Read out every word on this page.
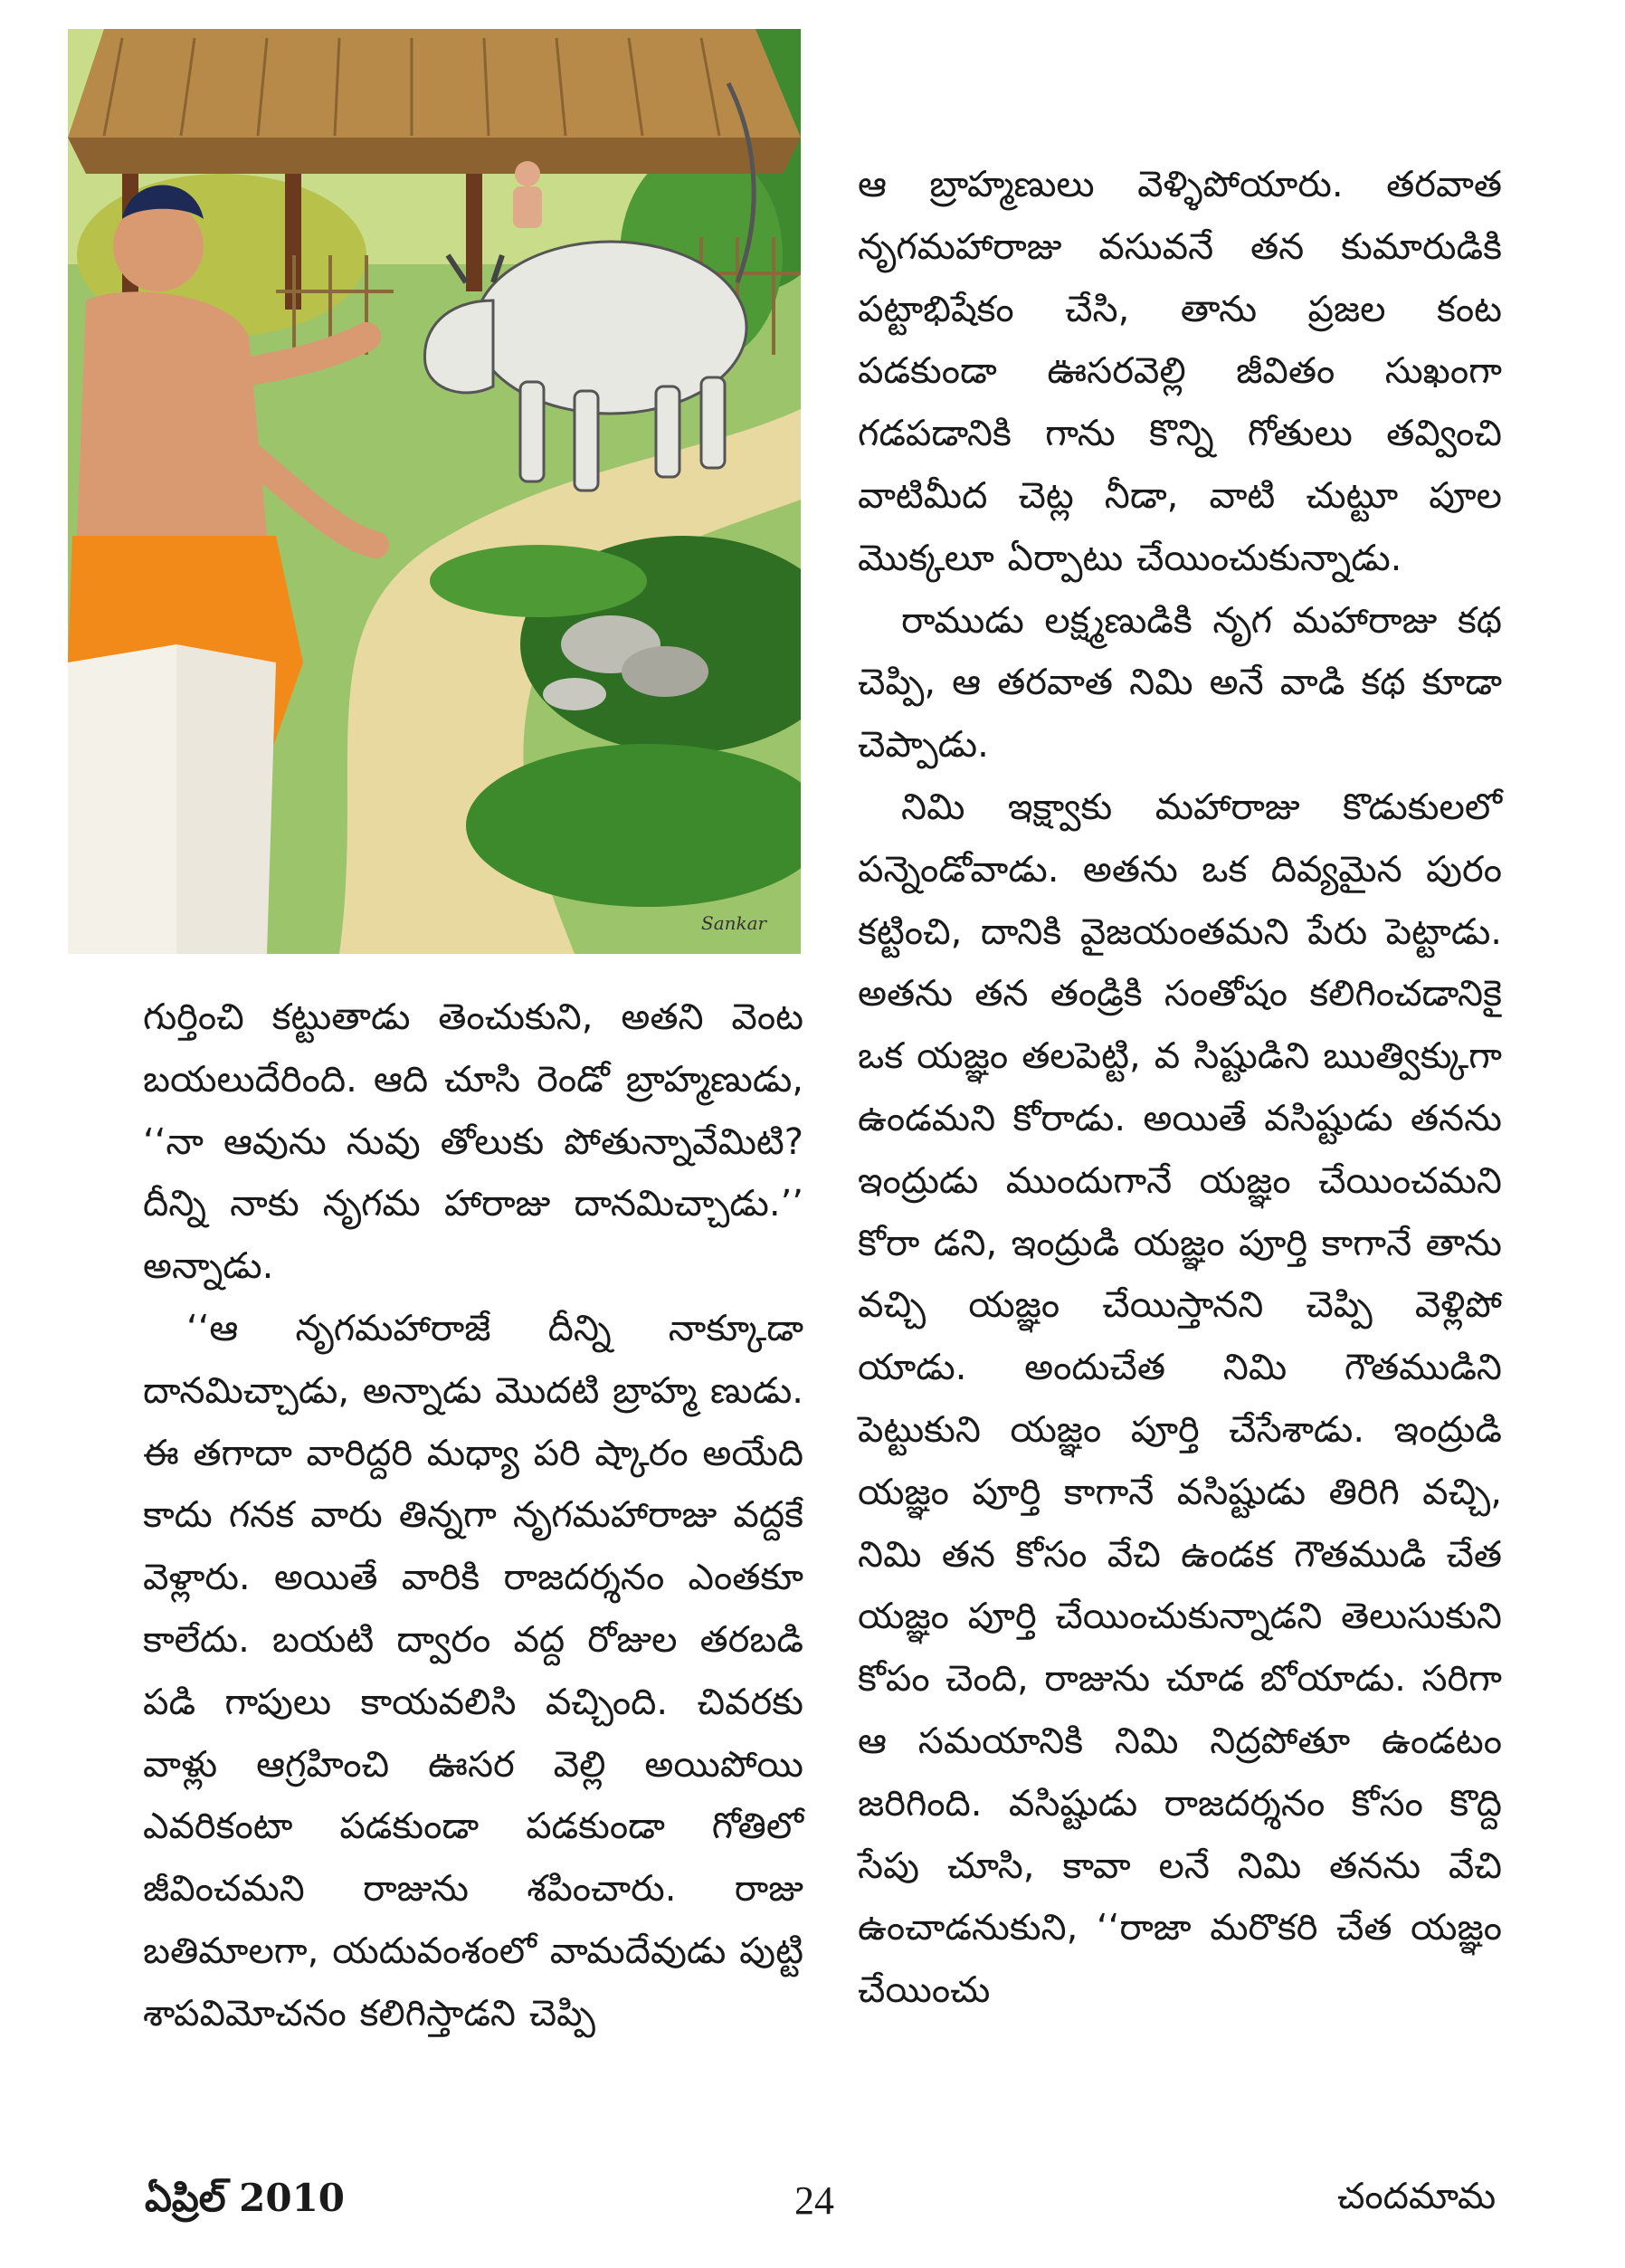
Sankar

గుర్తించి కట్టుతాడు తెంచుకుని, అతని వెంట బయలుదేరింది. ఆది చూసి రెండో బ్రాహ్మణుడు, ‘‘నా ఆవును నువు తోలుకు పోతున్నావేమిటి? దీన్ని నాకు నృగమ హారాజు దానమిచ్చాడు.’’ అన్నాడు.

‘‘ఆ నృగమహారాజే దీన్ని నాక్కూడా దానమిచ్చాడు, అన్నాడు మొదటి బ్రాహ్మ ణుడు. ఈ తగాదా వారిద్దరి మధ్యా పరి ష్కారం అయేది కాదు గనక వారు తిన్నగా నృగమహారాజు వద్దకే వెళ్లారు. అయితే వారికి రాజదర్శనం ఎంతకూ కాలేదు. బయటి ద్వారం వద్ద రోజుల తరబడి పడి గాపులు కాయవలిసి వచ్చింది. చివరకు వాళ్లు ఆగ్రహించి ఊసర వెల్లి అయిపోయి ఎవరికంటా పడకుండా పడకుండా గోతిలో జీవించమని రాజును శపించారు. రాజు బతిమాలగా, యదువంశంలో వామదేవుడు పుట్టి శాపవిమోచనం కలిగిస్తాడని చెప్పి

ఆ బ్రాహ్మణులు వెళ్ళిపోయారు. తరవాత నృగమహారాజు వసువనే తన కుమారుడికి పట్టాభిషేకం చేసి, తాను ప్రజల కంట పడకుండా ఊసరవెల్లి జీవితం సుఖంగా గడపడానికి గాను కొన్ని గోతులు తవ్వించి వాటిమీద చెట్ల నీడా, వాటి చుట్టూ పూల మొక్కలూ ఏర్పాటు చేయించుకున్నాడు.

రాముడు లక్ష్మణుడికి నృగ మహారాజు కథ చెప్పి, ఆ తరవాత నిమి అనే వాడి కథ కూడా చెప్పాడు.

నిమి ఇక్ష్వాకు మహారాజు కొడుకులలో పన్నెండోవాడు. అతను ఒక దివ్యమైన పురం కట్టించి, దానికి వైజయంతమని పేరు పెట్టాడు. అతను తన తండ్రికి సంతోషం కలిగించడానికై ఒక యజ్ఞం తలపెట్టి, వ సిష్టుడిని ఋత్విక్కుగా ఉండమని కోరాడు. అయితే వసిష్టుడు తనను ఇంద్రుడు ముందుగానే యజ్ఞం చేయించమని కోరా డని, ఇంద్రుడి యజ్ఞం పూర్తి కాగానే తాను వచ్చి యజ్ఞం చేయిస్తానని చెప్పి వెళ్లిపో యాడు. అందుచేత నిమి గౌతముడిని పెట్టుకుని యజ్ఞం పూర్తి చేసేశాడు. ఇంద్రుడి యజ్ఞం పూర్తి కాగానే వసిష్టుడు తిరిగి వచ్చి, నిమి తన కోసం వేచి ఉండక గౌతముడి చేత యజ్ఞం పూర్తి చేయించుకున్నాడని తెలుసుకుని కోపం చెంది, రాజును చూడ బోయాడు. సరిగా ఆ సమయానికి నిమి నిద్రపోతూ ఉండటం జరిగింది. వసిష్టుడు రాజదర్శనం కోసం కొద్ది సేపు చూసి, కావా లనే నిమి తనను వేచి ఉంచాడనుకుని, ‘‘రాజా మరొకరి చేత యజ్ఞం చేయించు

ఏప్రిల్ 2010	24	చందమామ
